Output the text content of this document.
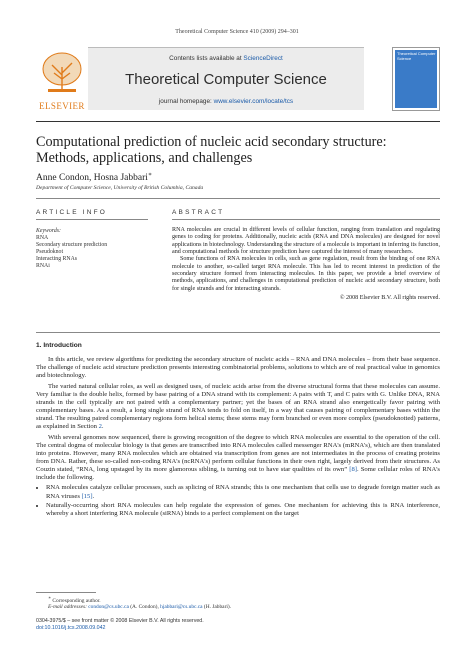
Theoretical Computer Science 410 (2009) 294–301
ELSEVIER
Contents lists available at ScienceDirect
Theoretical Computer Science
journal homepage: www.elsevier.com/locate/tcs
Theoretical Computer Science
Computational prediction of nucleic acid secondary structure: Methods, applications, and challenges
Anne Condon, Hosna Jabbari∗
Department of Computer Science, University of British Columbia, Canada
ARTICLE INFO	ABSTRACT
Keywords:
RNA
Secondary structure prediction
Pseudoknot
Interacting RNAs
RNAi

RNA molecules are crucial in different levels of cellular function, ranging from translation and regulating genes to coding for proteins. Additionally, nucleic acids (RNA and DNA molecules) are designed for novel applications in biotechnology. Understanding the structure of a molecule is important in inferring its function, and computational methods for structure prediction have captured the interest of many researchers.

Some functions of RNA molecules in cells, such as gene regulation, result from the binding of one RNA molecule to another, so-called target RNA molecule. This has led to recent interest in prediction of the secondary structure formed from interacting molecules. In this paper, we provide a brief overview of methods, applications, and challenges in computational prediction of nucleic acid secondary structure, both for single strands and for interacting strands.

© 2008 Elsevier B.V. All rights reserved.

1. Introduction

In this article, we review algorithms for predicting the secondary structure of nucleic acids – RNA and DNA molecules – from their base sequence. The challenge of nucleic acid structure prediction presents interesting combinatorial problems, solutions to which are of real practical value in genomics and biotechnology.

The varied natural cellular roles, as well as designed uses, of nucleic acids arise from the diverse structural forms that these molecules can assume. Very familiar is the double helix, formed by base pairing of a DNA strand with its complement: A pairs with T, and C pairs with G. Unlike DNA, RNA strands in the cell typically are not paired with a complementary partner; yet the bases of an RNA strand also energetically favor pairing with complementary bases. As a result, a long single strand of RNA tends to fold on itself, in a way that causes pairing of complementary bases within the strand. The resulting paired complementary regions form helical stems; these stems may form branched or even more complex (pseudoknotted) patterns, as explained in Section 2.

With several genomes now sequenced, there is growing recognition of the degree to which RNA molecules are essential to the operation of the cell. The central dogma of molecular biology is that genes are transcribed into RNA molecules called messenger RNA's (mRNA's), which are then translated into proteins. However, many RNA molecules which are obtained via transcription from genes are not intermediates in the process of creating proteins from DNA. Rather, these so-called non-coding RNA's (ncRNA's) perform cellular functions in their own right, largely derived from their structures. As Couzin stated, “RNA, long upstaged by its more glamorous sibling, is turning out to have star qualities of its own” [8]. Some cellular roles of RNA's include the following.

• RNA molecules catalyze cellular processes, such as splicing of RNA strands; this is one mechanism that cells use to degrade foreign matter such as RNA viruses [15].
• Naturally-occurring short RNA molecules can help regulate the expression of genes. One mechanism for achieving this is RNA interference, whereby a short interfering RNA molecule (siRNA) binds to a perfect complement on the target
∗ Corresponding author.
E-mail addresses: condon@cs.ubc.ca (A. Condon), hjabbari@cs.ubc.ca (H. Jabbari).
0304-3975/$ – see front matter © 2008 Elsevier B.V. All rights reserved.
doi:10.1016/j.tcs.2008.09.042
